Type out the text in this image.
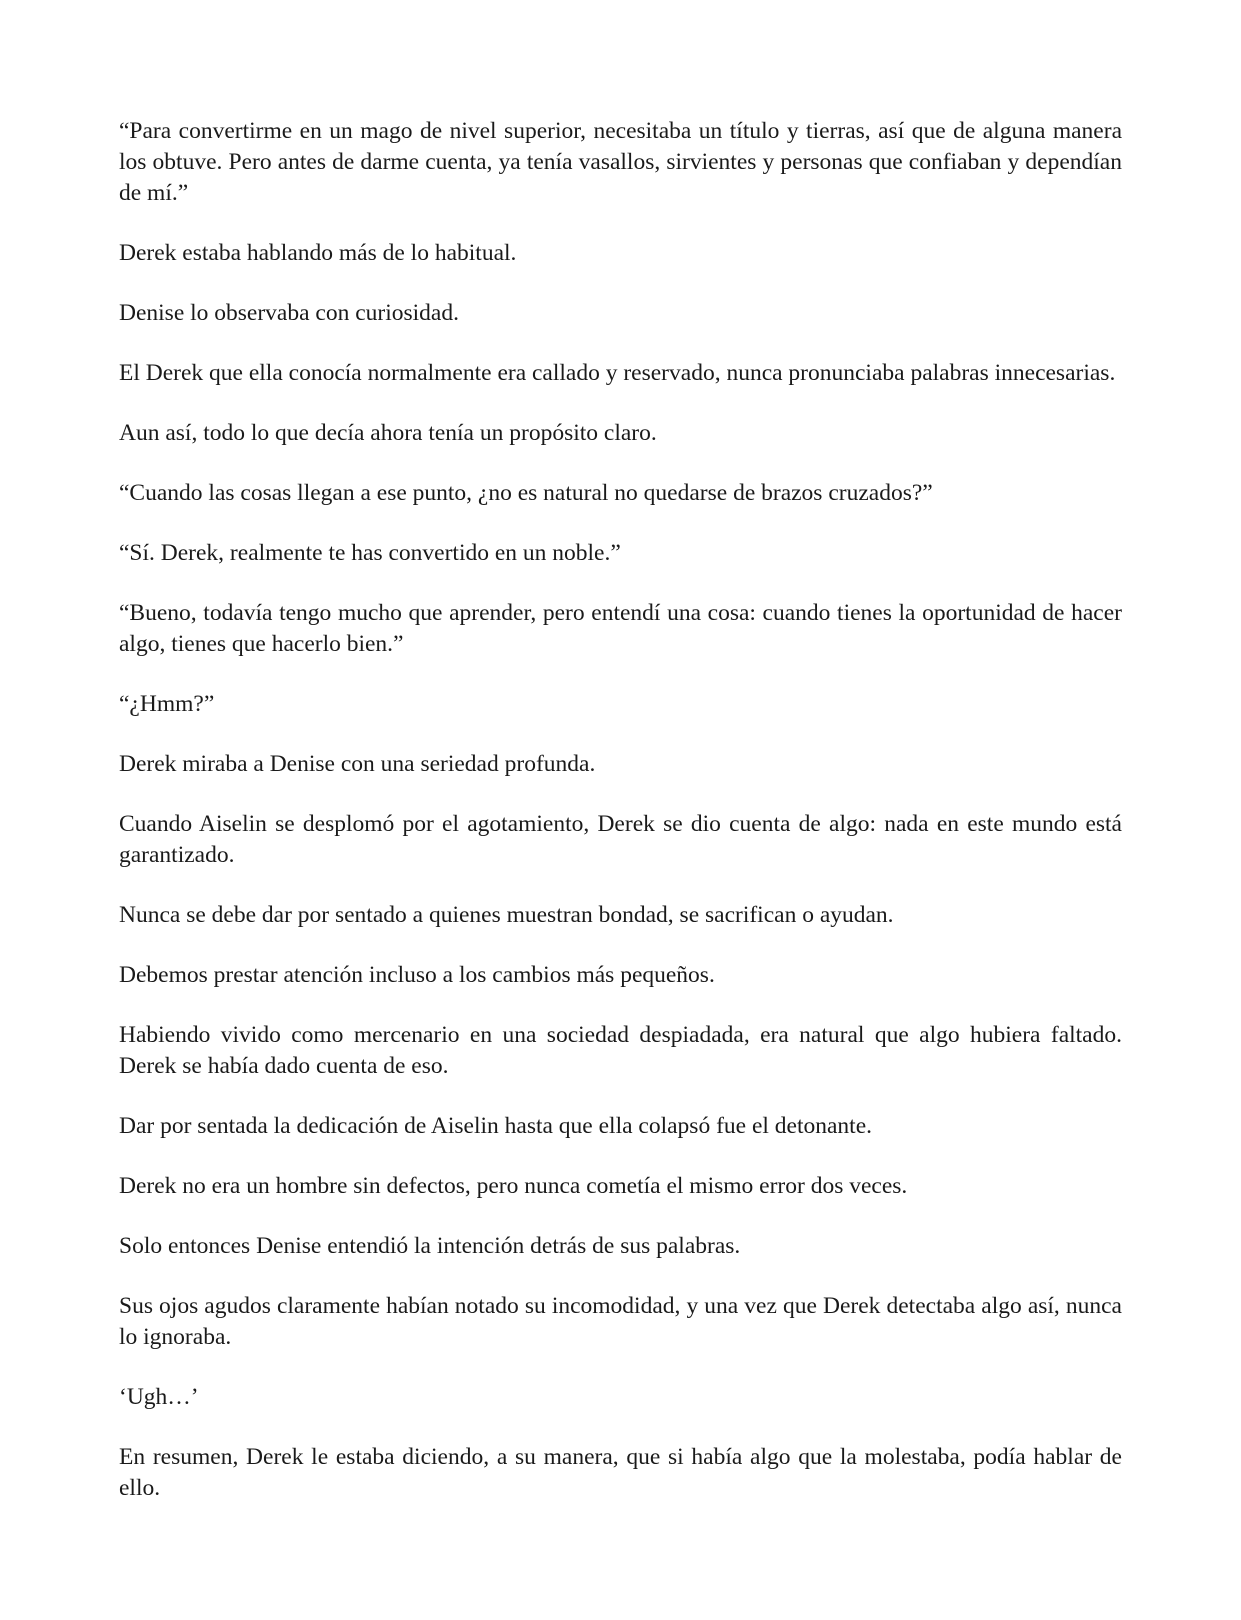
“Para convertirme en un mago de nivel superior, necesitaba un título y tierras, así que de alguna manera los obtuve. Pero antes de darme cuenta, ya tenía vasallos, sirvientes y personas que confiaban y dependían de mí.”

Derek estaba hablando más de lo habitual.

Denise lo observaba con curiosidad.

El Derek que ella conocía normalmente era callado y reservado, nunca pronunciaba palabras innecesarias.

Aun así, todo lo que decía ahora tenía un propósito claro.

“Cuando las cosas llegan a ese punto, ¿no es natural no quedarse de brazos cruzados?”

“Sí. Derek, realmente te has convertido en un noble.”

“Bueno, todavía tengo mucho que aprender, pero entendí una cosa: cuando tienes la oportunidad de hacer algo, tienes que hacerlo bien.”

“¿Hmm?”

Derek miraba a Denise con una seriedad profunda.

Cuando Aiselin se desplomó por el agotamiento, Derek se dio cuenta de algo: nada en este mundo está garantizado.

Nunca se debe dar por sentado a quienes muestran bondad, se sacrifican o ayudan.

Debemos prestar atención incluso a los cambios más pequeños.

Habiendo vivido como mercenario en una sociedad despiadada, era natural que algo hubiera faltado. Derek se había dado cuenta de eso.

Dar por sentada la dedicación de Aiselin hasta que ella colapsó fue el detonante.

Derek no era un hombre sin defectos, pero nunca cometía el mismo error dos veces.

Solo entonces Denise entendió la intención detrás de sus palabras.

Sus ojos agudos claramente habían notado su incomodidad, y una vez que Derek detectaba algo así, nunca lo ignoraba.

‘Ugh…’

En resumen, Derek le estaba diciendo, a su manera, que si había algo que la molestaba, podía hablar de ello.
